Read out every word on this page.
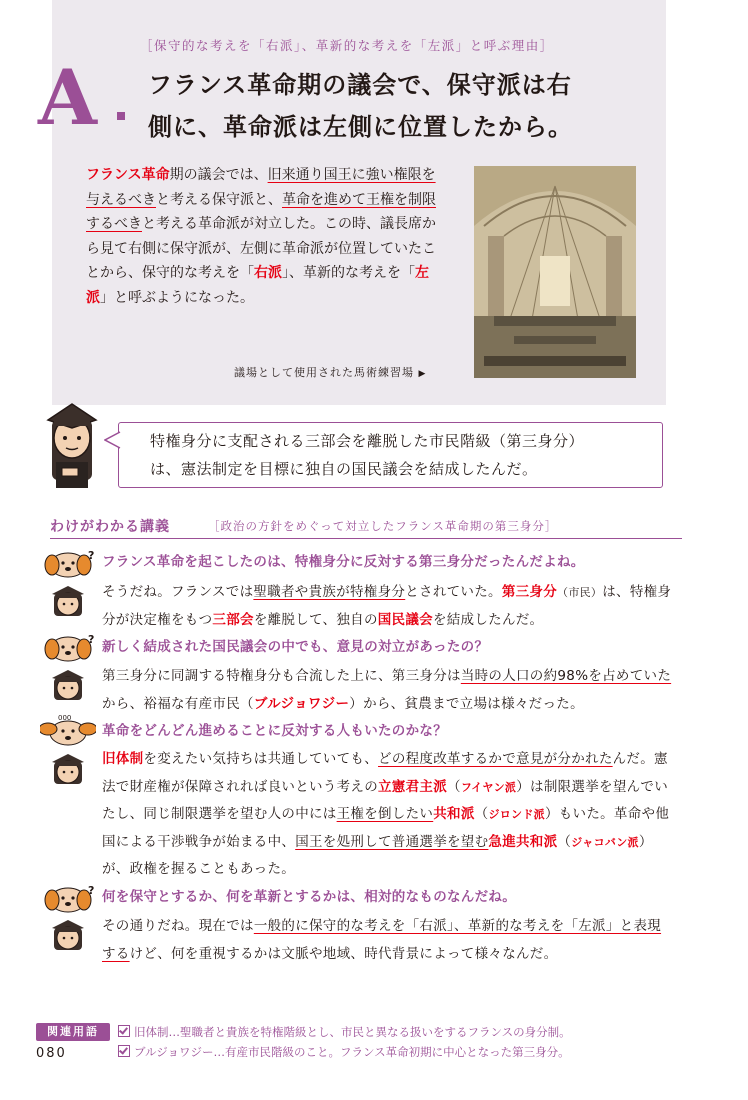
［保守的な考えを「右派」、革新的な考えを「左派」と呼ぶ理由］
A フランス革命期の議会で、保守派は右
側に、革命派は左側に位置したから。
フランス革命期の議会では、旧来通り国王に強い権限を与えるべきと考える保守派と、革命を進めて王権を制限するべきと考える革命派が対立した。この時、議長席から見て右側に保守派が、左側に革命派が位置していたことから、保守的な考えを「右派」、革新的な考えを「左派」と呼ぶようになった。
議場として使用された馬術練習場 ▶
特権身分に支配される三部会を離脱した市民階級（第三身分）
は、憲法制定を目標に独自の国民議会を結成したんだ。
わけがわかる講義	［政治の方針をめぐって対立したフランス革命期の第三身分］
? フランス革命を起こしたのは、特権身分に反対する第三身分だったんだよね。
そうだね。フランスでは聖職者や貴族が特権身分とされていた。第三身分（市民）は、特権身分が決定権をもつ三部会を離脱して、独自の国民議会を結成したんだ。
? 新しく結成された国民議会の中でも、意見の対立があったの？
第三身分に同調する特権身分も合流した上に、第三身分は当時の人口の約98%を占めていたから、裕福な有産市民（ブルジョワジー）から、貧農まで立場は様々だった。
000
革命をどんどん進めることに反対する人もいたのかな？
旧体制を変えたい気持ちは共通していても、どの程度改革するかで意見が分かれたんだ。憲法で財産権が保障されれば良いという考えの立憲君主派（フイヤン派）は制限選挙を望んでいたし、同じ制限選挙を望む人の中には王権を倒したい共和派（ジロンド派）もいた。革命や他国による干渉戦争が始まる中、国王を処刑して普通選挙を望む急進共和派（ジャコバン派）が、政権を握ることもあった。
? 何を保守とするか、何を革新とするかは、相対的なものなんだね。
その通りだね。現在では一般的に保守的な考えを「右派」、革新的な考えを「左派」と表現するけど、何を重視するかは文脈や地域、時代背景によって様々なんだ。
関連用語	旧体制…聖職者と貴族を特権階級とし、市民と異なる扱いをするフランスの身分制。
ブルジョワジー…有産市民階級のこと。フランス革命初期に中心となった第三身分。
080
